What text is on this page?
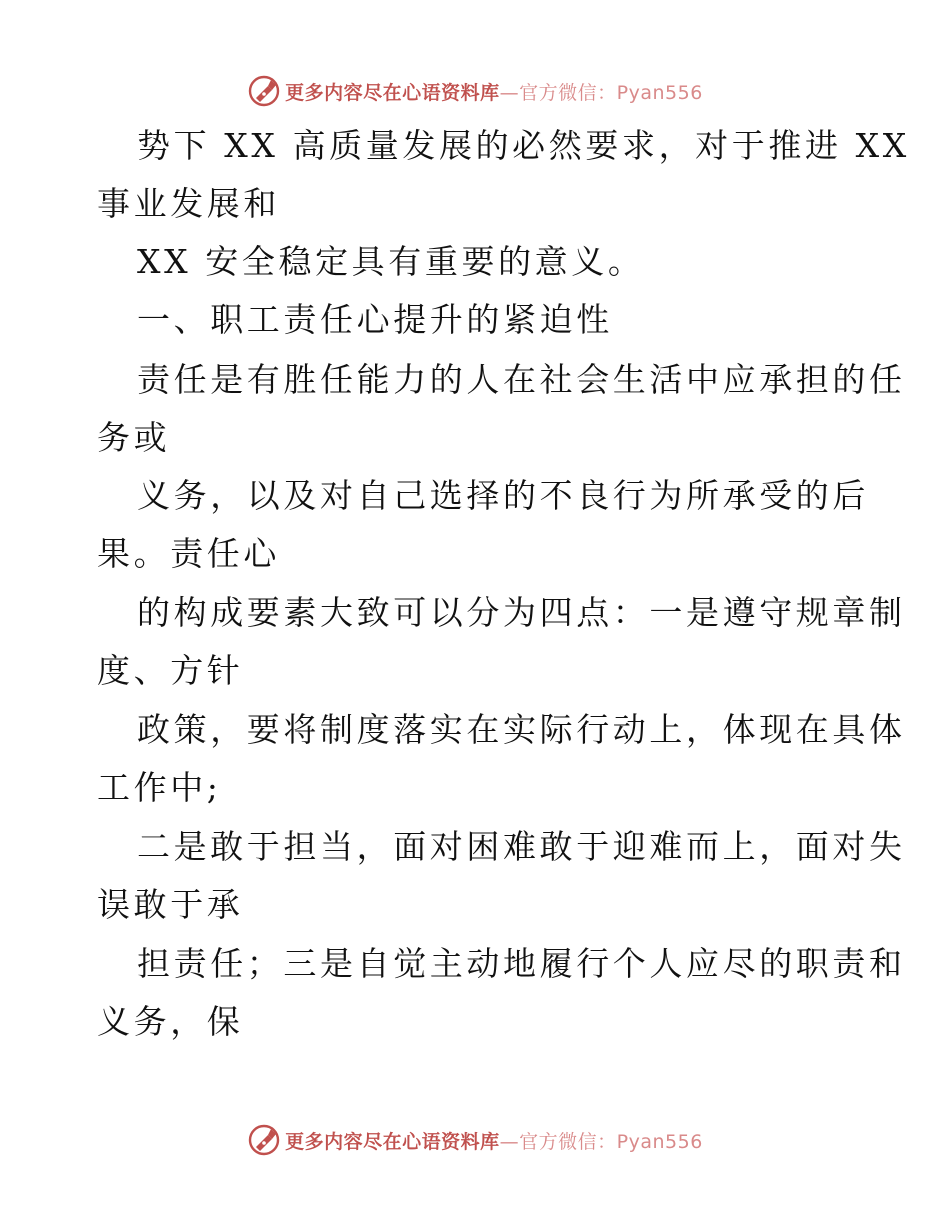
更多内容尽在心语资料库—官方微信：Pyan556
势下 XX 高质量发展的必然要求，对于推进 XX
事业发展和
XX 安全稳定具有重要的意义。
一、职工责任心提升的紧迫性
责任是有胜任能力的人在社会生活中应承担的任
务或
义务，以及对自己选择的不良行为所承受的后
果。责任心
的构成要素大致可以分为四点：一是遵守规章制
度、方针
政策，要将制度落实在实际行动上，体现在具体
工作中;
二是敢于担当，面对困难敢于迎难而上，面对失
误敢于承
担责任；三是自觉主动地履行个人应尽的职责和
义务，保
更多内容尽在心语资料库—官方微信：Pyan556
